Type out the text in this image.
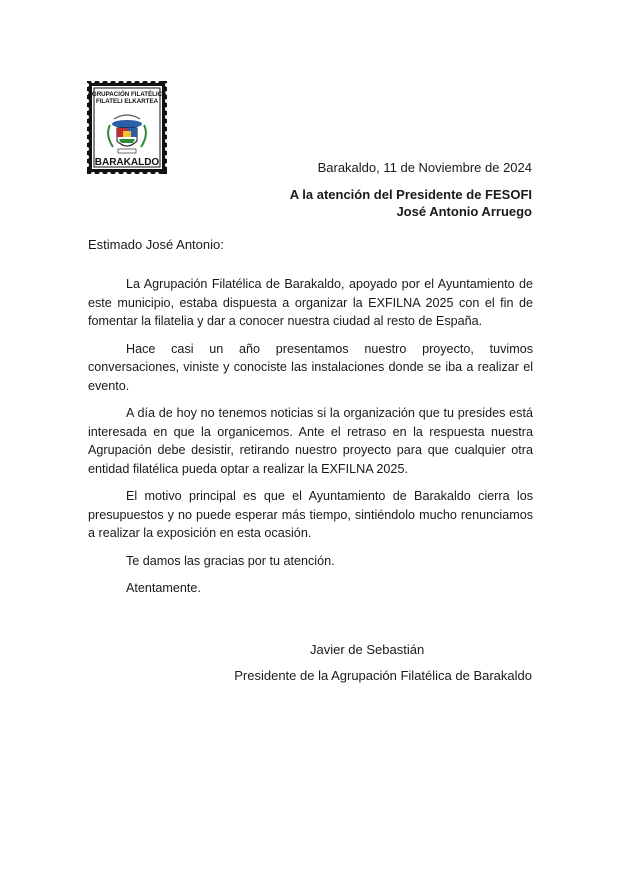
AGRUPACIÓN FILATÉLICA
FILATELI ELKARTEA
BARAKALDO	Barakaldo, 11 de Noviembre de 2024
A la atención del Presidente de FESOFI
José Antonio Arruego
Estimado José Antonio:

La Agrupación Filatélica de Barakaldo, apoyado por el Ayuntamiento de este municipio, estaba dispuesta a organizar la EXFILNA 2025 con el fin de fomentar la filatelia y dar a conocer nuestra ciudad al resto de España.

Hace casi un año presentamos nuestro proyecto, tuvimos conversaciones, viniste y conociste las instalaciones donde se iba a realizar el evento.

A día de hoy no tenemos noticias si la organización que tu presides está interesada en que la organicemos. Ante el retraso en la respuesta nuestra Agrupación debe desistir, retirando nuestro proyecto para que cualquier otra entidad filatélica pueda optar a realizar la EXFILNA 2025.

El motivo principal es que el Ayuntamiento de Barakaldo cierra los presupuestos y no puede esperar más tiempo, sintiéndolo mucho renunciamos a realizar la exposición en esta ocasión.

Te damos las gracias por tu atención.

Atentamente.

Javier de Sebastián
Presidente de la Agrupación Filatélica de Barakaldo
